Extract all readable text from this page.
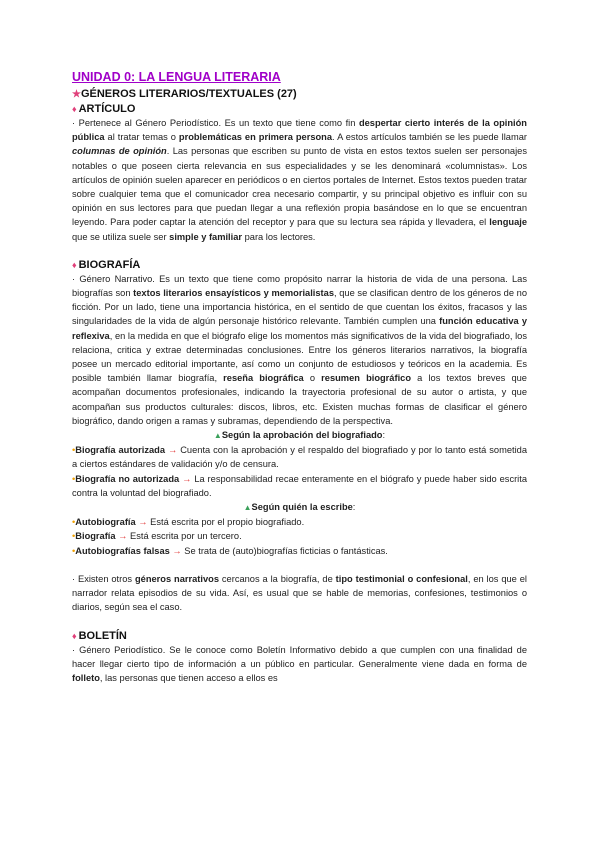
UNIDAD 0: LA LENGUA LITERARIA
★GÉNEROS LITERARIOS/TEXTUALES (27)
♦ ARTÍCULO

· Pertenece al Género Periodístico. Es un texto que tiene como fin despertar cierto interés de la opinión pública al tratar temas o problemáticas en primera persona. A estos artículos también se les puede llamar columnas de opinión. Las personas que escriben su punto de vista en estos textos suelen ser personajes notables o que poseen cierta relevancia en sus especialidades y se les denominará «columnistas». Los artículos de opinión suelen aparecer en periódicos o en ciertos portales de Internet. Estos textos pueden tratar sobre cualquier tema que el comunicador crea necesario compartir, y su principal objetivo es influir con su opinión en sus lectores para que puedan llegar a una reflexión propia basándose en lo que se encuentran leyendo. Para poder captar la atención del receptor y para que su lectura sea rápida y llevadera, el lenguaje que se utiliza suele ser simple y familiar para los lectores.

♦ BIOGRAFÍA

· Género Narrativo. Es un texto que tiene como propósito narrar la historia de vida de una persona. Las biografías son textos literarios ensayísticos y memorialistas, que se clasifican dentro de los géneros de no ficción. Por un lado, tiene una importancia histórica, en el sentido de que cuentan los éxitos, fracasos y las singularidades de la vida de algún personaje histórico relevante. También cumplen una función educativa y reflexiva, en la medida en que el biógrafo elige los momentos más significativos de la vida del biografiado, los relaciona, critica y extrae determinadas conclusiones. Entre los géneros literarios narrativos, la biografía posee un mercado editorial importante, así como un conjunto de estudiosos y teóricos en la academia. Es posible también llamar biografía, reseña biográfica o resumen biográfico a los textos breves que acompañan documentos profesionales, indicando la trayectoria profesional de su autor o artista, y que acompañan sus productos culturales: discos, libros, etc. Existen muchas formas de clasificar el género biográfico, dando origen a ramas y subramas, dependiendo de la perspectiva.

▲Según la aprobación del biografiado:

•Biografía autorizada → Cuenta con la aprobación y el respaldo del biografiado y por lo tanto está sometida a ciertos estándares de validación y/o de censura.

•Biografía no autorizada → La responsabilidad recae enteramente en el biógrafo y puede haber sido escrita contra la voluntad del biografiado.

▲Según quién la escribe:

•Autobiografía → Está escrita por el propio biografiado.

•Biografía → Está escrita por un tercero.

•Autobiografías falsas → Se trata de (auto)biografías ficticias o fantásticas.

· Existen otros géneros narrativos cercanos a la biografía, de tipo testimonial o confesional, en los que el narrador relata episodios de su vida. Así, es usual que se hable de memorias, confesiones, testimonios o diarios, según sea el caso.

♦ BOLETÍN

· Género Periodístico. Se le conoce como Boletín Informativo debido a que cumplen con una finalidad de hacer llegar cierto tipo de información a un público en particular. Generalmente viene dada en forma de folleto, las personas que tienen acceso a ellos es
